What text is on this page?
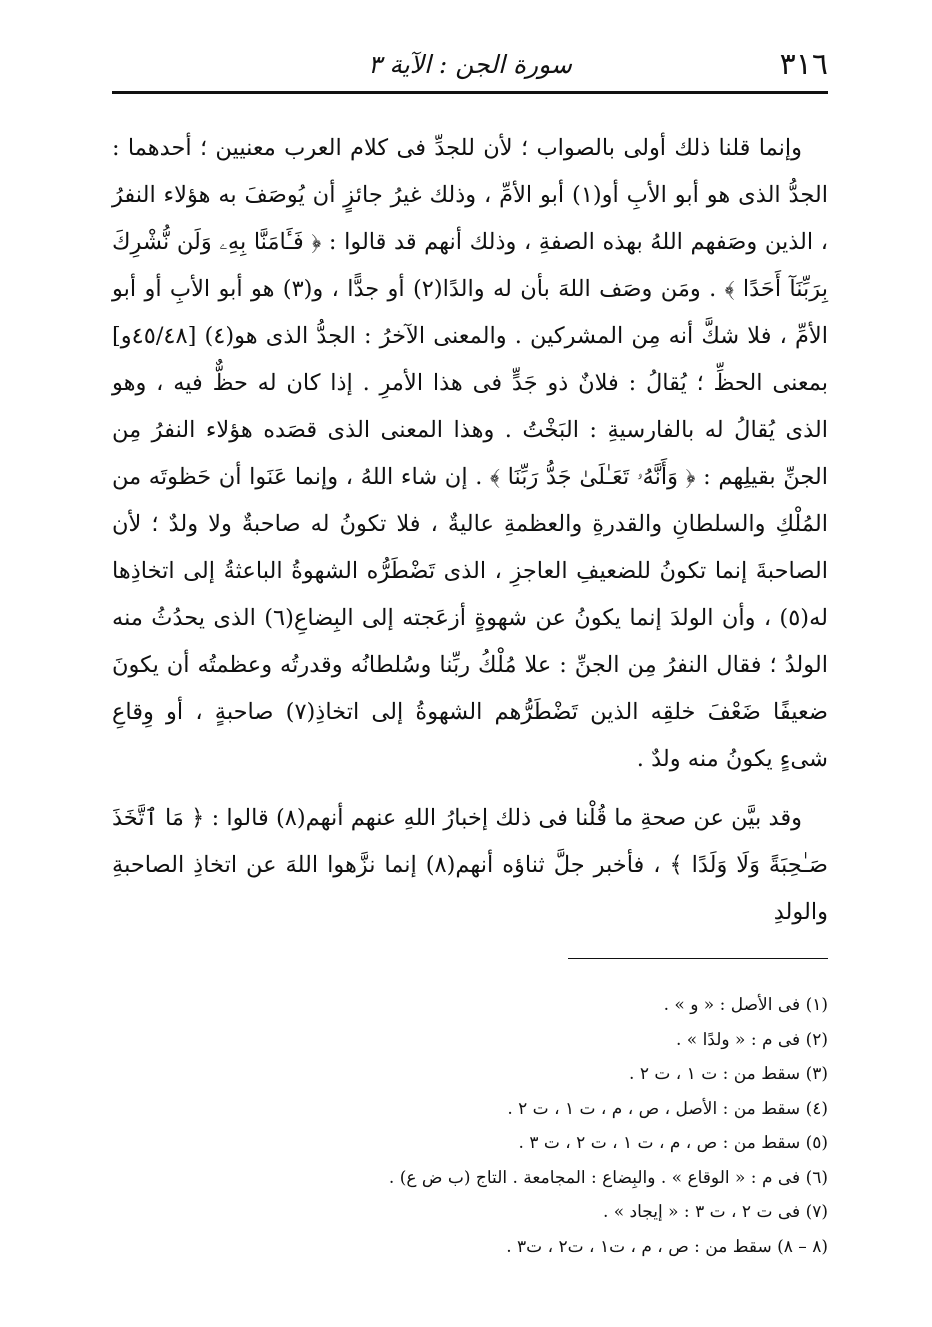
٣١٦
سورة الجن : الآية ٣

وإنما قلنا ذلك أولى بالصواب ؛ لأن للجدِّ فى كلام العرب معنيين ؛ أحدهما : الجدُّ الذى هو أبو الأبِ أو(١) أبو الأمِّ ، وذلك غيرُ جائزٍ أن يُوصَفَ به هؤلاء النفرُ ، الذين وصَفهم اللهُ بهذه الصفةِ ، وذلك أنهم قد قالوا : ﴿ فَـَٔامَنَّا بِهِۦ وَلَن نُّشْرِكَ بِرَبِّنَآ أَحَدًا ﴾ . ومَن وصَف اللهَ بأن له والدًا(٢) أو جدًّا ، و(٣) هو أبو الأبِ أو أبو الأمِّ ، فلا شكَّ أنه مِن المشركين . والمعنى الآخرُ : الجدُّ الذى هو(٤) [٤٥/٤٨و] بمعنى الحظِّ ؛ يُقالُ : فلانٌ ذو جَدٍّ فى هذا الأمرِ . إذا كان له حظٌّ فيه ، وهو الذى يُقالُ له بالفارسيةِ : البَخْتُ . وهذا المعنى الذى قصَده هؤلاء النفرُ مِن الجنِّ بقيلِهم : ﴿ وَأَنَّهُۥ تَعَـٰلَىٰ جَدُّ رَبِّنَا ﴾ . إن شاء اللهُ ، وإنما عَنَوا أن حَظوتَه من المُلْكِ والسلطانِ والقدرةِ والعظمةِ عاليةٌ ، فلا تكونُ له صاحبةٌ ولا ولدٌ ؛ لأن الصاحبةَ إنما تكونُ للضعيفِ العاجزِ ، الذى تَضْطَرُّه الشهوةُ الباعثةُ إلى اتخاذِها له(٥) ، وأن الولدَ إنما يكونُ عن شهوةٍ أزعَجته إلى البِضاعِ(٦) الذى يحدُثُ منه الولدُ ؛ فقال النفرُ مِن الجنِّ : علا مُلْكُ ربِّنا وسُلطانُه وقدرتُه وعظمتُه أن يكونَ ضعيفًا ضَعْفَ خلقِه الذين تَضْطَرُّهم الشهوةُ إلى اتخاذِ(٧) صاحبةٍ ، أو وِقاعِ شىءٍ يكونُ منه ولدٌ .

وقد بيَّن عن صحةِ ما قُلْنا فى ذلك إخبارُ اللهِ عنهم أنهم(٨) قالوا : ﴿ مَا ٱتَّخَذَ صَـٰحِبَةً وَلَا وَلَدًا ﴾ ، فأخبر جلَّ ثناؤه أنهم(٨) إنما نزَّهوا اللهَ عن اتخاذِ الصاحبةِ والولدِ

(١) فى الأصل : « و » .
(٢) فى م : « ولدًا » .
(٣) سقط من : ت ١ ، ت ٢ .
(٤) سقط من : الأصل ، ص ، م ، ت ١ ، ت ٢ .
(٥) سقط من : ص ، م ، ت ١ ، ت ٢ ، ت ٣ .
(٦) فى م : « الوقاع » . والبِضاع : المجامعة . التاج (ب ض ع) .
(٧) فى ت ٢ ، ت ٣ : « إيجاد » .
(٨ – ٨) سقط من : ص ، م ، ت١ ، ت٢ ، ت٣ .
